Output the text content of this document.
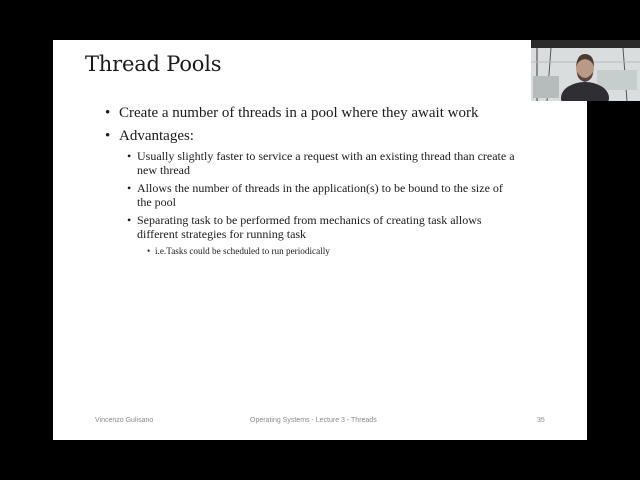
Thread Pools
• Create a number of threads in a pool where they await work
• Advantages:
• Usually slightly faster to service a request with an existing thread than create a new thread
• Allows the number of threads in the application(s) to be bound to the size of the pool
• Separating task to be performed from mechanics of creating task allows different strategies for running task
• i.e.Tasks could be scheduled to run periodically
Vincenzo Gulisano	Operating Systems - Lecture 3 - Threads	35
